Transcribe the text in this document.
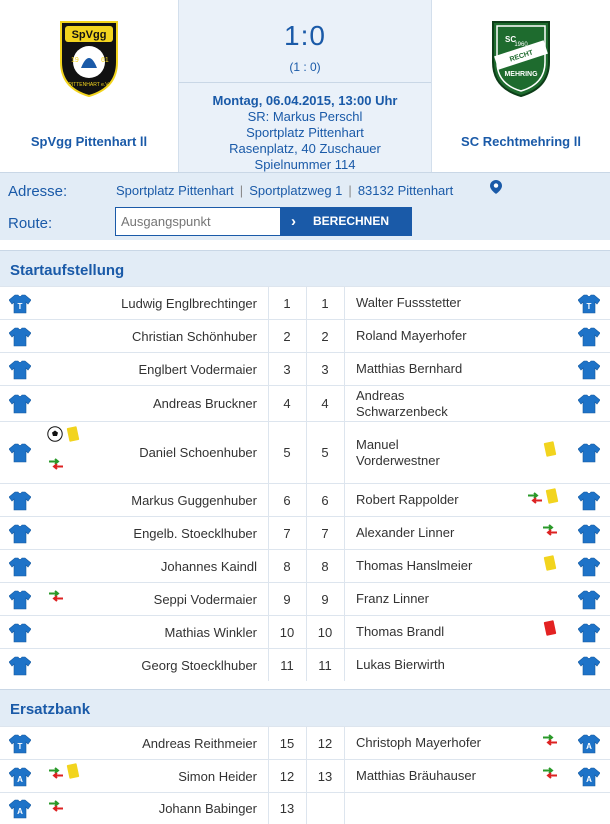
SpVgg
19	61
PITTENHART e.V.
SpVgg Pittenhart ll
1:0
(1 : 0)
Montag, 06.04.2015, 13:00 Uhr
SR: Markus Perschl
Sportplatz Pittenhart
Rasenplatz, 40 Zuschauer
Spielnummer 114
SC
1960
RECHT
MEHRING
SC Rechtmehring ll
Adresse:	Sportplatz Pittenhart | Sportplatzweg 1 | 83132 Pittenhart
Route:
Ausgangspunkt	› BERECHNEN
Startaufstellung
T	Ludwig Englbrechtinger 1 1 Walter Fussstetter	T
Christian Schönhuber 2 2 Roland Mayerhofer
Englbert Vodermaier 3 3 Matthias Bernhard
Andreas Bruckner 4 4
Andreas Schwarzenbeck
Daniel Schoenhuber 5 5
Manuel Vorderwestner
Markus Guggenhuber 6 6 Robert Rappolder
Engelb. Stoecklhuber 7 7 Alexander Linner
Johannes Kaindl 8 8 Thomas Hanslmeier
Seppi Vodermaier 9 9 Franz Linner
Mathias Winkler 10 10 Thomas Brandl
Georg Stoecklhuber 11 11 Lukas Bierwirth
Ersatzbank
T	Andreas Reithmeier 15 12 Christoph Mayerhofer	A
A	Simon Heider 12 13 Matthias Bräuhauser	A
A	Johann Babinger 13
